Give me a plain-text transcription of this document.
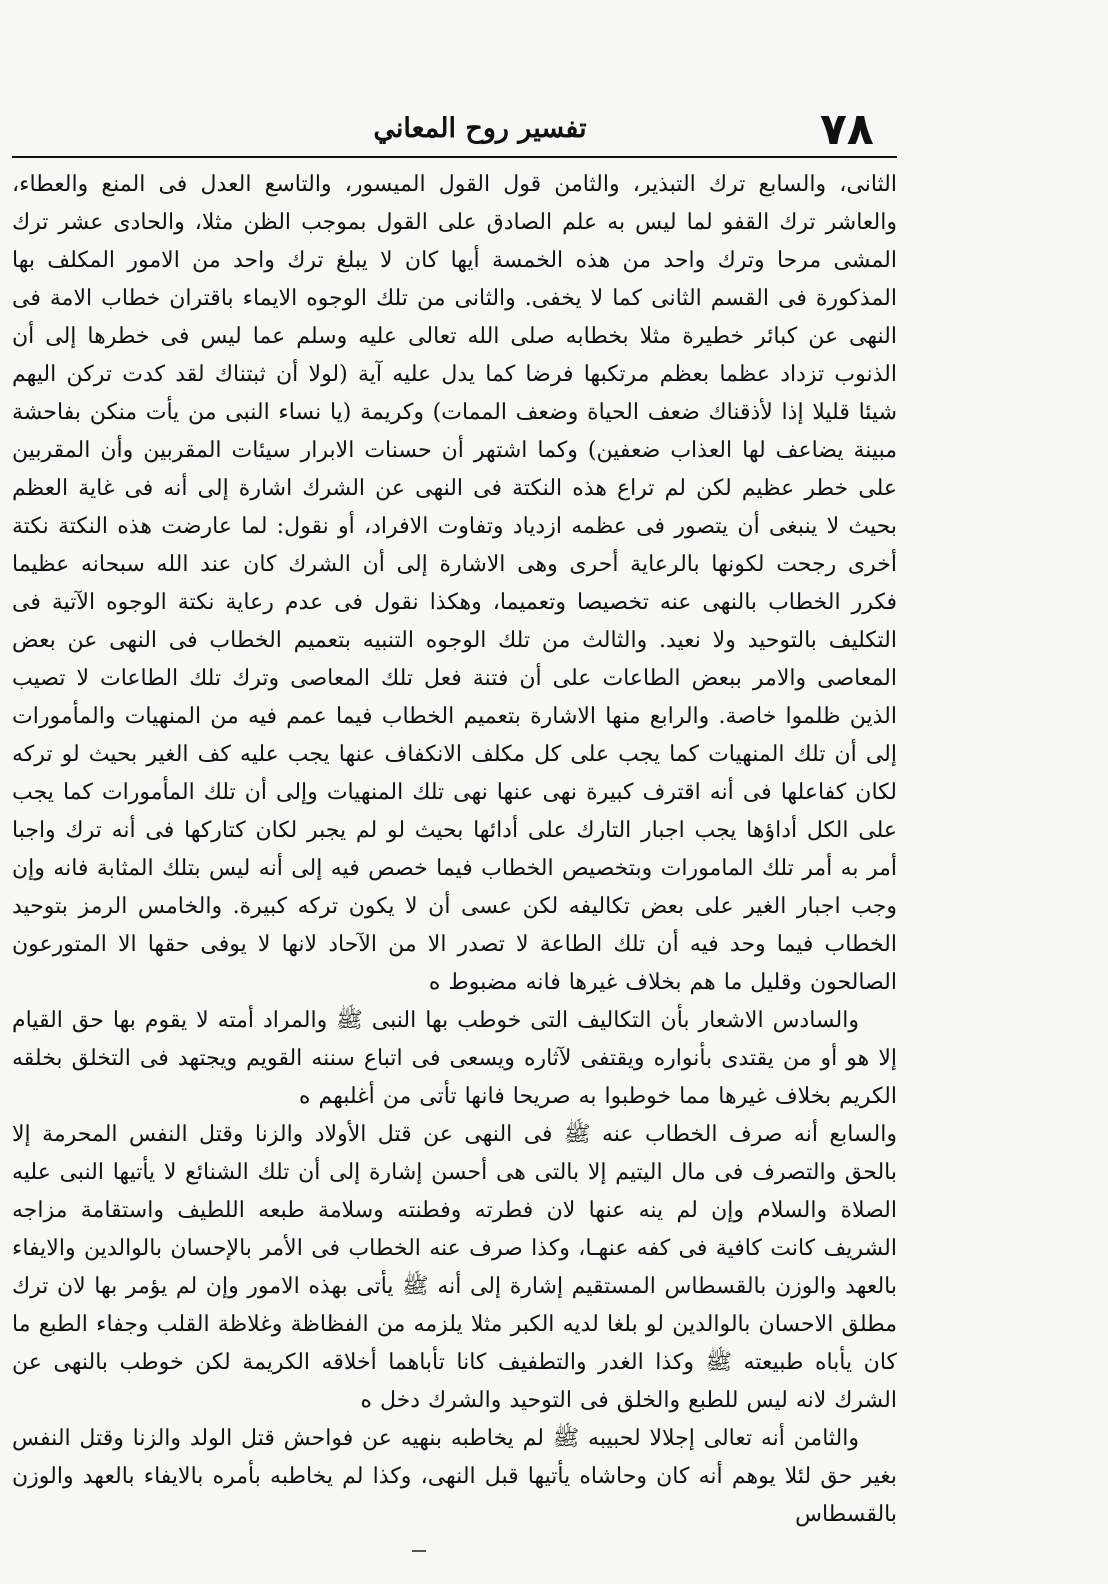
٧٨
تفسير روح المعاني

الثانى، والسابع ترك التبذير، والثامن قول القول الميسور، والتاسع العدل فى المنع والعطاء، والعاشر ترك القفو لما ليس به علم الصادق على القول بموجب الظن مثلا، والحادى عشر ترك المشى مرحا وترك واحد من هذه الخمسة أيها كان لا يبلغ ترك واحد من الامور المكلف بها المذكورة فى القسم الثانى كما لا يخفى. والثانى من تلك الوجوه الايماء باقتران خطاب الامة فى النهى عن كبائر خطيرة مثلا بخطابه صلى الله تعالى عليه وسلم عما ليس فى خطرها إلى أن الذنوب تزداد عظما بعظم مرتكبها فرضا كما يدل عليه آية (لولا أن ثبتناك لقد كدت تركن اليهم شيئا قليلا إذا لأذقناك ضعف الحياة وضعف الممات) وكريمة (يا نساء النبى من يأت منكن بفاحشة مبينة يضاعف لها العذاب ضعفين) وكما اشتهر أن حسنات الابرار سيئات المقربين وأن المقربين على خطر عظيم لكن لم تراع هذه النكتة فى النهى عن الشرك اشارة إلى أنه فى غاية العظم بحيث لا ينبغى أن يتصور فى عظمه ازدياد وتفاوت الافراد، أو نقول: لما عارضت هذه النكتة نكتة أخرى رجحت لكونها بالرعاية أحرى وهى الاشارة إلى أن الشرك كان عند الله سبحانه عظيما فكرر الخطاب بالنهى عنه تخصيصا وتعميما، وهكذا نقول فى عدم رعاية نكتة الوجوه الآتية فى التكليف بالتوحيد ولا نعيد. والثالث من تلك الوجوه التنبيه بتعميم الخطاب فى النهى عن بعض المعاصى والامر ببعض الطاعات على أن فتنة فعل تلك المعاصى وترك تلك الطاعات لا تصيب الذين ظلموا خاصة. والرابع منها الاشارة بتعميم الخطاب فيما عمم فيه من المنهيات والمأمورات إلى أن تلك المنهيات كما يجب على كل مكلف الانكفاف عنها يجب عليه كف الغير بحيث لو تركه لكان كفاعلها فى أنه اقترف كبيرة نهى عنها نهى تلك المنهيات وإلى أن تلك المأمورات كما يجب على الكل أداؤها يجب اجبار التارك على أدائها بحيث لو لم يجبر لكان كتاركها فى أنه ترك واجبا أمر به أمر تلك المامورات وبتخصيص الخطاب فيما خصص فيه إلى أنه ليس بتلك المثابة فانه وإن وجب اجبار الغير على بعض تكاليفه لكن عسى أن لا يكون تركه كبيرة. والخامس الرمز بتوحيد الخطاب فيما وحد فيه أن تلك الطاعة لا تصدر الا من الآحاد لانها لا يوفى حقها الا المتورعون الصالحون وقليل ما هم بخلاف غيرها فانه مضبوط ه

والسادس الاشعار بأن التكاليف التى خوطب بها النبى ﷺ والمراد أمته لا يقوم بها حق القيام إلا هو أو من يقتدى بأنواره ويقتفى لآثاره ويسعى فى اتباع سننه القويم ويجتهد فى التخلق بخلقه الكريم بخلاف غيرها مما خوطبوا به صريحا فانها تأتى من أغلبهم ه

والسابع أنه صرف الخطاب عنه ﷺ فى النهى عن قتل الأولاد والزنا وقتل النفس المحرمة إلا بالحق والتصرف فى مال اليتيم إلا بالتى هى أحسن إشارة إلى أن تلك الشنائع لا يأتيها النبى عليه الصلاة والسلام وإن لم ينه عنها لان فطرته وفطنته وسلامة طبعه اللطيف واستقامة مزاجه الشريف كانت كافية فى كفه عنهـا، وكذا صرف عنه الخطاب فى الأمر بالإحسان بالوالدين والايفاء بالعهد والوزن بالقسطاس المستقيم إشارة إلى أنه ﷺ يأتى بهذه الامور وإن لم يؤمر بها لان ترك مطلق الاحسان بالوالدين لو بلغا لديه الكبر مثلا يلزمه من الفظاظة وغلاظة القلب وجفاء الطبع ما كان يأباه طبيعته ﷺ وكذا الغدر والتطفيف كانا تأباهما أخلاقه الكريمة لكن خوطب بالنهى عن الشرك لانه ليس للطبع والخلق فى التوحيد والشرك دخل ه

والثامن أنه تعالى إجلالا لحبيبه ﷺ لم يخاطبه بنهيه عن فواحش قتل الولد والزنا وقتل النفس بغير حق لئلا يوهم أنه كان وحاشاه يأتيها قبل النهى، وكذا لم يخاطبه بأمره بالايفاء بالعهد والوزن بالقسطاس
